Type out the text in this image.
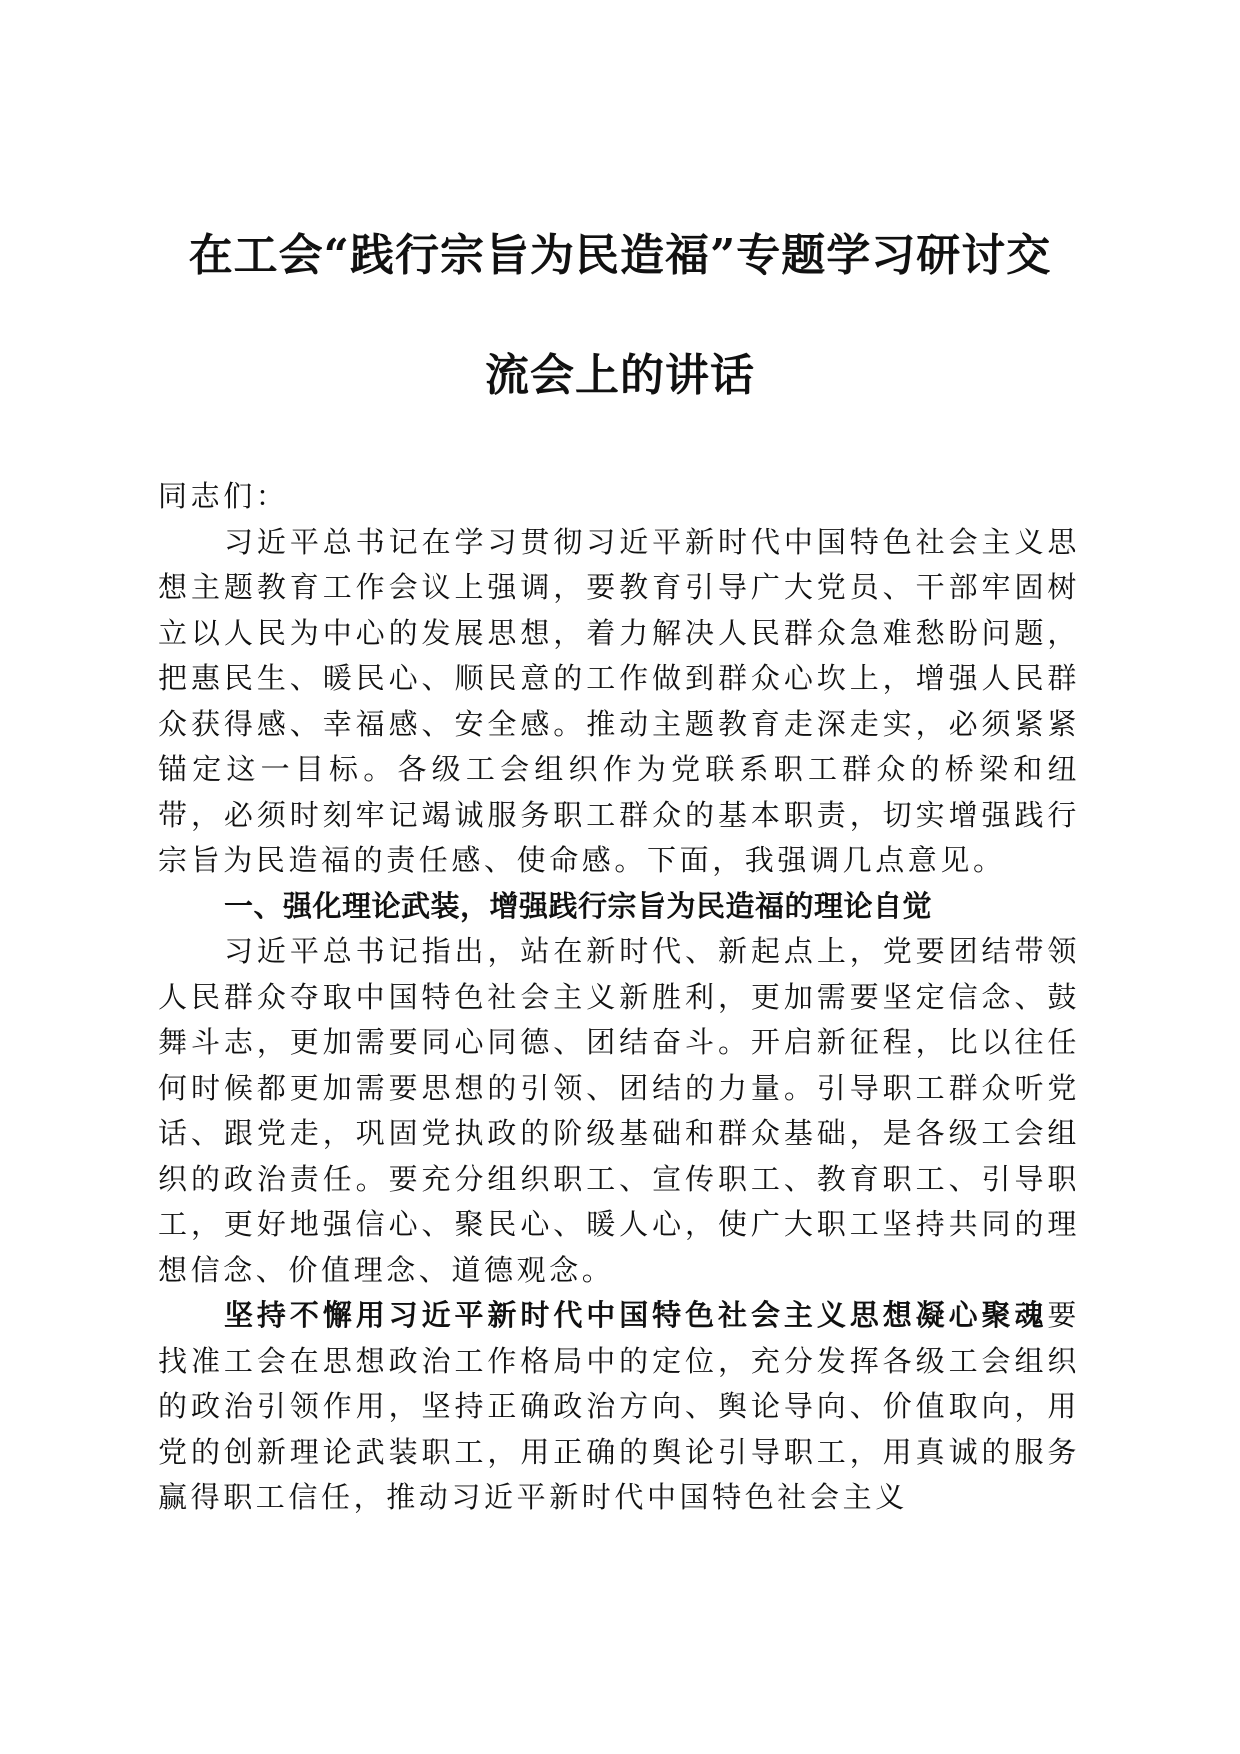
在工会“践行宗旨为民造福”专题学习研讨交
流会上的讲话

同志们：

习近平总书记在学习贯彻习近平新时代中国特色社会主义思想主题教育工作会议上强调，要教育引导广大党员、干部牢固树立以人民为中心的发展思想，着力解决人民群众急难愁盼问题，把惠民生、暖民心、顺民意的工作做到群众心坎上，增强人民群众获得感、幸福感、安全感。推动主题教育走深走实，必须紧紧锚定这一目标。各级工会组织作为党联系职工群众的桥梁和纽带，必须时刻牢记竭诚服务职工群众的基本职责，切实增强践行宗旨为民造福的责任感、使命感。下面，我强调几点意见。

一、强化理论武装，增强践行宗旨为民造福的理论自觉

习近平总书记指出，站在新时代、新起点上，党要团结带领人民群众夺取中国特色社会主义新胜利，更加需要坚定信念、鼓舞斗志，更加需要同心同德、团结奋斗。开启新征程，比以往任何时候都更加需要思想的引领、团结的力量。引导职工群众听党话、跟党走，巩固党执政的阶级基础和群众基础，是各级工会组织的政治责任。要充分组织职工、宣传职工、教育职工、引导职工，更好地强信心、聚民心、暖人心，使广大职工坚持共同的理想信念、价值理念、道德观念。

坚持不懈用习近平新时代中国特色社会主义思想凝心聚魂要找准工会在思想政治工作格局中的定位，充分发挥各级工会组织的政治引领作用，坚持正确政治方向、舆论导向、价值取向，用党的创新理论武装职工，用正确的舆论引导职工，用真诚的服务赢得职工信任，推动习近平新时代中国特色社会主义
